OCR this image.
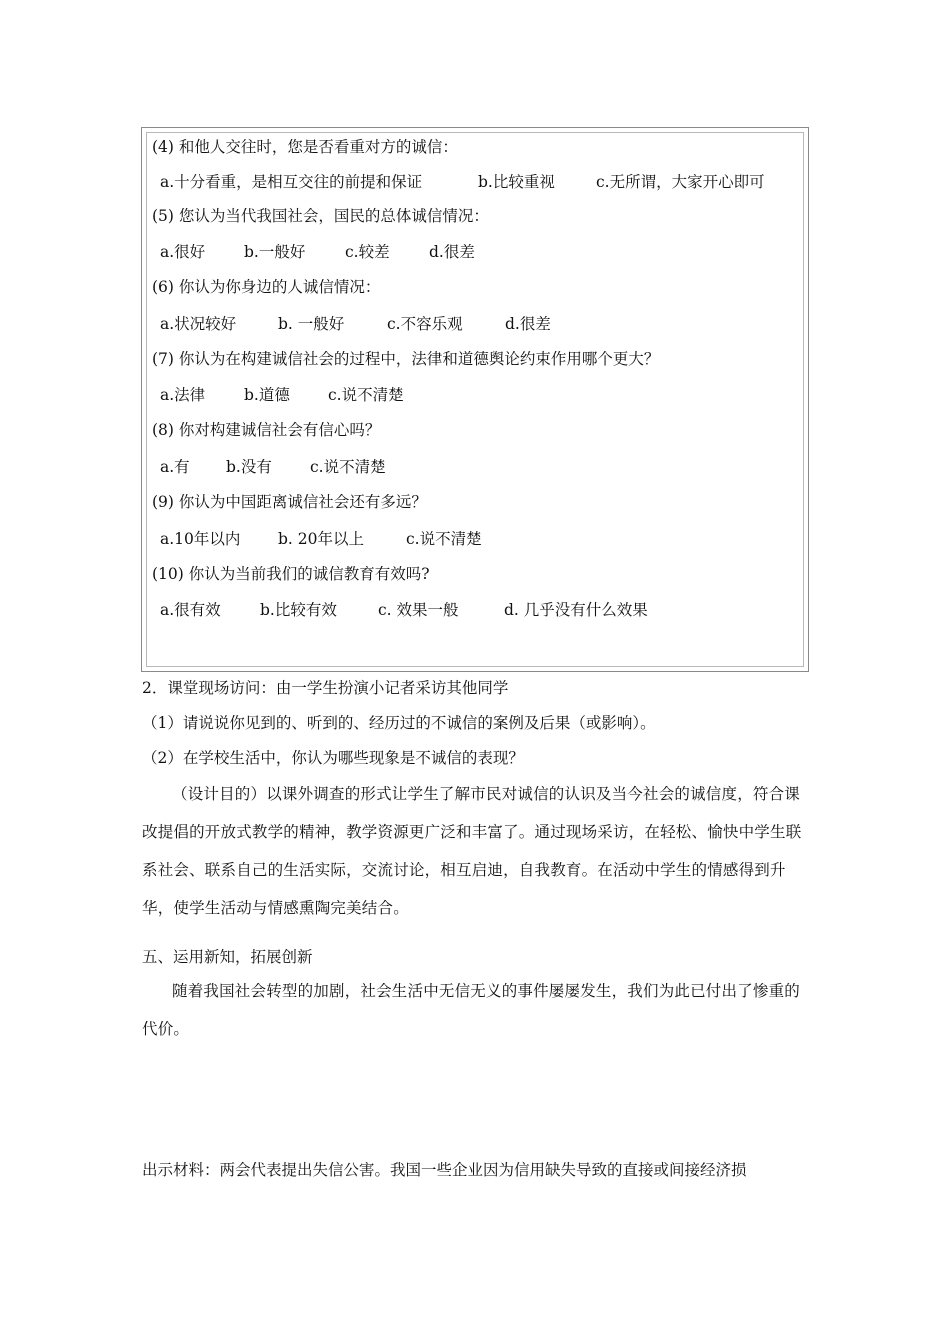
(4) 和他人交往时，您是否看重对方的诚信：
a.十分看重，是相互交往的前提和保证	b.比较重视	c.无所谓，大家开心即可
(5) 您认为当代我国社会，国民的总体诚信情况：
a.很好	b.一般好	c.较差	d.很差
(6) 你认为你身边的人诚信情况：
a.状况较好	b. 一般好	c.不容乐观	d.很差
(7) 你认为在构建诚信社会的过程中，法律和道德舆论约束作用哪个更大？
a.法律	b.道德 c.说不清楚
(8) 你对构建诚信社会有信心吗？
a.有 b.没有 c.说不清楚
(9) 你认为中国距离诚信社会还有多远？
a.10年以内 b. 20年以上	c.说不清楚
(10) 你认为当前我们的诚信教育有效吗?
a.很有效	b.比较有效	c. 效果一般	d. 几乎没有什么效果
2．课堂现场访问：由一学生扮演小记者采访其他同学
（1）请说说你见到的、听到的、经历过的不诚信的案例及后果（或影响）。
（2）在学校生活中，你认为哪些现象是不诚信的表现？
（设计目的）以课外调查的形式让学生了解市民对诚信的认识及当今社会的诚信度，符合课改提倡的开放式教学的精神，教学资源更广泛和丰富了。通过现场采访，在轻松、愉快中学生联系社会、联系自己的生活实际，交流讨论，相互启迪，自我教育。在活动中学生的情感得到升华，使学生活动与情感熏陶完美结合。
五、运用新知，拓展创新
随着我国社会转型的加剧，社会生活中无信无义的事件屡屡发生，我们为此已付出了惨重的代价。
出示材料：两会代表提出失信公害。我国一些企业因为信用缺失导致的直接或间接经济损
